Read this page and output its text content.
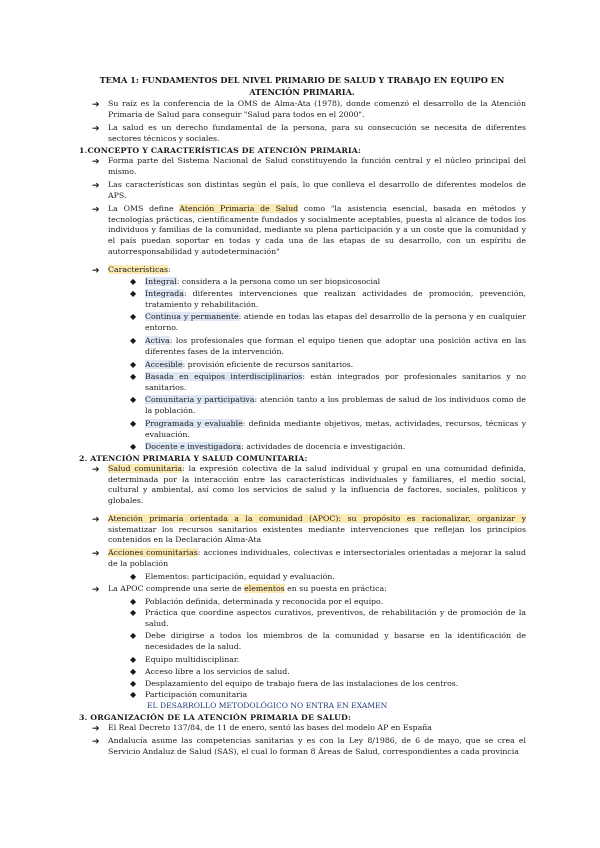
TEMA 1: FUNDAMENTOS DEL NIVEL PRIMARIO DE SALUD Y TRABAJO EN EQUIPO EN ATENCIÓN PRIMARIA.
➔ Su raíz es la conferencia de la OMS de Alma-Ata (1978), donde comenzó el desarrollo de la Atención Primaria de Salud para conseguir "Salud para todos en el 2000".
➔ La salud es un derecho fundamental de la persona, para su consecución se necesita de diferentes sectores técnicos y sociales.
1.CONCEPTO Y CARACTERÍSTICAS DE ATENCIÓN PRIMARIA:
➔ Forma parte del Sistema Nacional de Salud constituyendo la función central y el núcleo principal del mismo.
➔ Las características son distintas según el país, lo que conlleva el desarrollo de diferentes modelos de APS.
➔ La OMS define Atención Primaria de Salud como "la asistencia esencial, basada en métodos y tecnologías prácticas, científicamente fundados y socialmente aceptables, puesta al alcance de todos los individuos y familias de la comunidad, mediante su plena participación y a un coste que la comunidad y el país puedan soportar en todas y cada una de las etapas de su desarrollo, con un espíritu de autorresponsabilidad y autodeterminación"
➔ Características:
◆ Integral: considera a la persona como un ser biopsicosocial
◆ Integrada: diferentes intervenciones que realizan actividades de promoción, prevención, tratamiento y rehabilitación.
◆ Continua y permanente: atiende en todas las etapas del desarrollo de la persona y en cualquier entorno.
◆ Activa: los profesionales que forman el equipo tienen que adoptar una posición activa en las diferentes fases de la intervención.
◆ Accesible: provisión eficiente de recursos sanitarios.
◆ Basada en equipos interdisciplinarios: están integrados por profesionales sanitarios y no sanitarios.
◆ Comunitaria y participativa: atención tanto a los problemas de salud de los individuos como de la población.
◆ Programada y evaluable: definida mediante objetivos, metas, actividades, recursos, técnicas y evaluación.
◆ Docente e investigadora: actividades de docencia e investigación.
2. ATENCIÓN PRIMARIA Y SALUD COMUNITARIA:
➔ Salud comunitaria: la expresión colectiva de la salud individual y grupal en una comunidad definida, determinada por la interacción entre las características individuales y familiares, el medio social, cultural y ambiental, así como los servicios de salud y la influencia de factores, sociales, políticos y globales.
➔ Atención primaria orientada a la comunidad (APOC): su propósito es racionalizar, organizar y sistematizar los recursos sanitarios existentes mediante intervenciones que reflejan los principios contenidos en la Declaración Alma-Ata
➔ Acciones comunitarias: acciones individuales, colectivas e intersectoriales orientadas a mejorar la salud de la población
◆ Elementos: participación, equidad y evaluación.
➔ La APOC comprende una serie de elementos en su puesta en práctica:
◆ Población definida, determinada y reconocida por el equipo.
◆ Práctica que coordine aspectos curativos, preventivos, de rehabilitación y de promoción de la salud.
◆ Debe dirigirse a todos los miembros de la comunidad y basarse en la identificación de necesidades de la salud.
◆ Equipo multidisciplinar.
◆ Acceso libre a los servicios de salud.
◆ Desplazamiento del equipo de trabajo fuera de las instalaciones de los centros.
◆ Participación comunitaria
EL DESARROLLO METODOLÓGICO NO ENTRA EN EXAMEN
3. ORGANIZACIÓN DE LA ATENCIÓN PRIMARIA DE SALUD:
➔ El Real Decreto 137/84, de 11 de enero, sentó las bases del modelo AP en España
➔ Andalucía asume las competencias sanitarias y es con la Ley 8/1986, de 6 de mayo, que se crea el Servicio Andaluz de Salud (SAS), el cual lo forman 8 Áreas de Salud, correspondientes a cada provincia
